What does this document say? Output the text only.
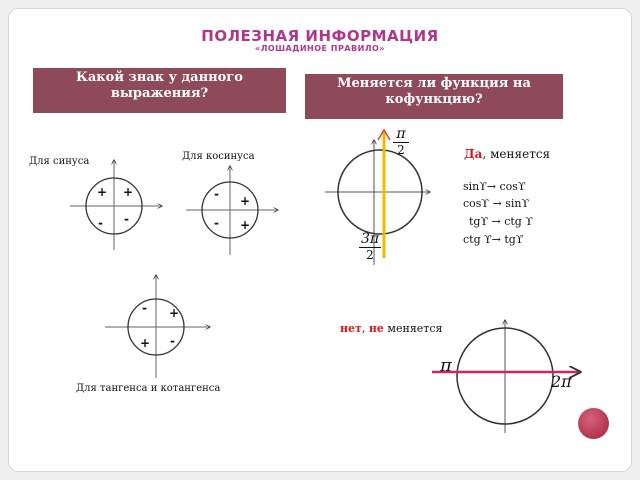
ПОЛЕЗНАЯ ИНФОРМАЦИЯ
«ЛОШАДИНОЕ ПРАВИЛО»
Какой знак у данного выражения?
Меняется ли функция на кофункцию?
Для синуса	Для косинуса
Для тангенса и котангенса
+
+
- -
+
-
- +
+
-
+ -
π
2
3π
2
Да, меняется
sinϒ→ cosϒ
cosϒ → sinϒ
tgϒ → ctg ϒ
ctg ϒ→ tgϒ
нет, не меняется
π
2π
